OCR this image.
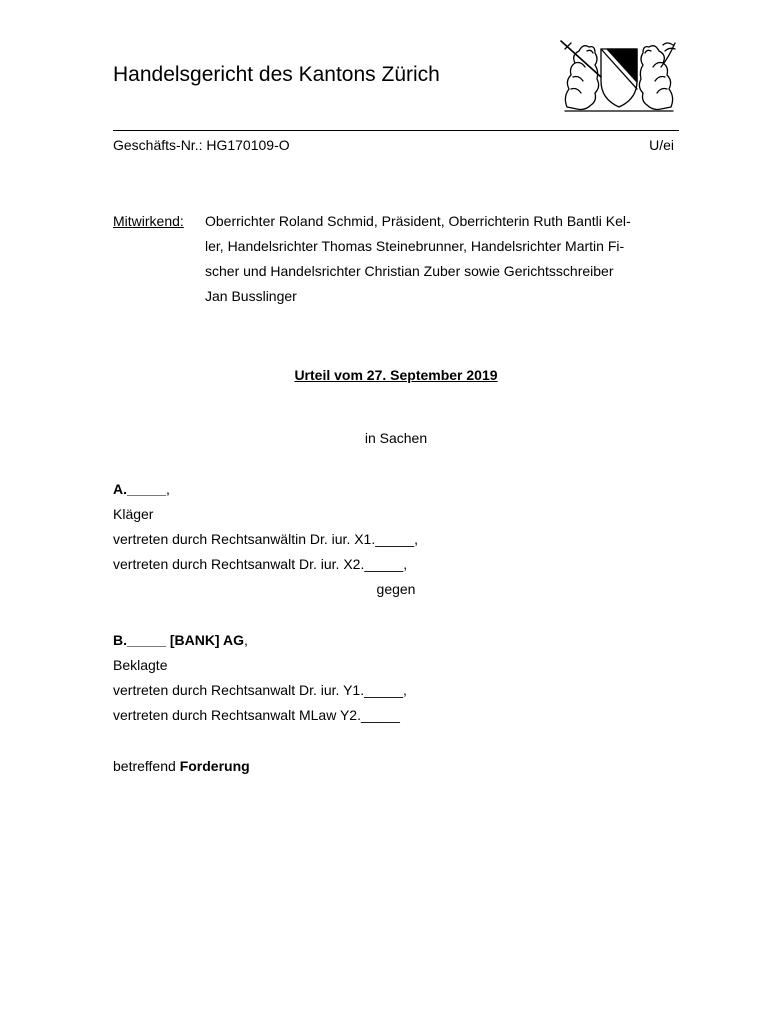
Handelsgericht des Kantons Zürich
Geschäfts-Nr.: HG170109-O	U/ei
Mitwirkend: Oberrichter Roland Schmid, Präsident, Oberrichterin Ruth Bantli Kel-
ler, Handelsrichter Thomas Steinebrunner, Handelsrichter Martin Fi-
scher und Handelsrichter Christian Zuber sowie Gerichtsschreiber
Jan Busslinger
Urteil vom 27. September 2019
in Sachen
A._____,
Kläger
vertreten durch Rechtsanwältin Dr. iur. X1._____,
vertreten durch Rechtsanwalt Dr. iur. X2._____,
gegen
B._____ [BANK] AG,
Beklagte
vertreten durch Rechtsanwalt Dr. iur. Y1._____,
vertreten durch Rechtsanwalt MLaw Y2._____
betreffend Forderung
